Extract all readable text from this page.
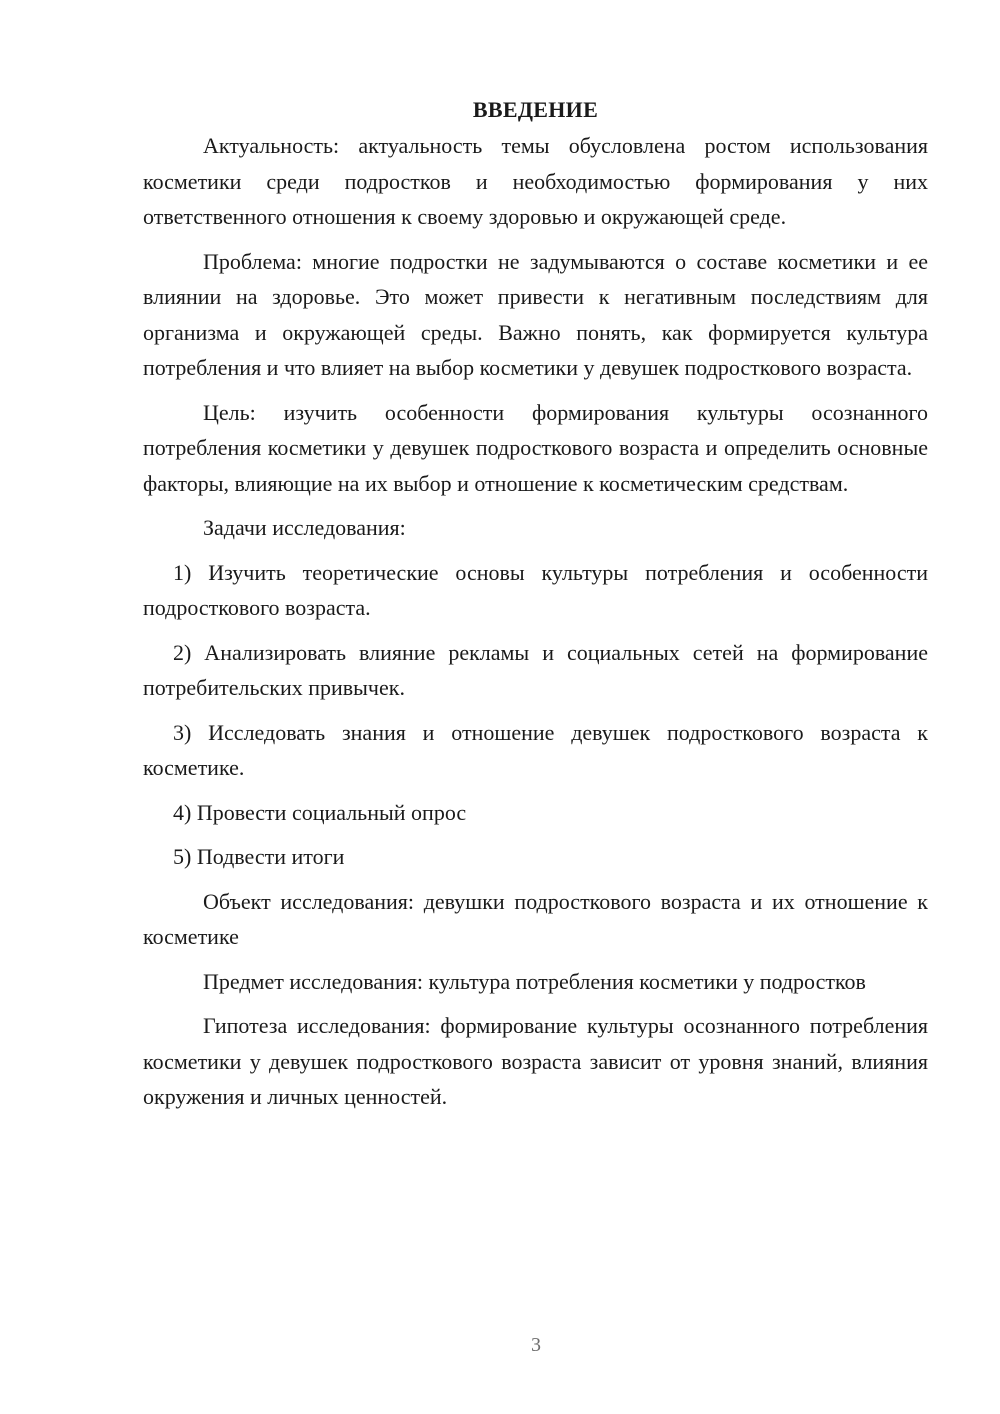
ВВЕДЕНИЕ

Актуальность: актуальность темы обусловлена ростом использования косметики среди подростков и необходимостью формирования у них ответственного отношения к своему здоровью и окружающей среде.

Проблема: многие подростки не задумываются о составе косметики и ее влиянии на здоровье. Это может привести к негативным последствиям для организма и окружающей среды. Важно понять, как формируется культура потребления и что влияет на выбор косметики у девушек подросткового возраста.

Цель: изучить особенности формирования культуры осознанного потребления косметики у девушек подросткового возраста и определить основные факторы, влияющие на их выбор и отношение к косметическим средствам.

Задачи исследования:

1) Изучить теоретические основы культуры потребления и особенности подросткового возраста.

2) Анализировать влияние рекламы и социальных сетей на формирование потребительских привычек.

3) Исследовать знания и отношение девушек подросткового возраста к косметике.

4) Провести социальный опрос

5) Подвести итоги

Объект исследования: девушки подросткового возраста и их отношение к косметике

Предмет исследования: культура потребления косметики у подростков

Гипотеза исследования: формирование культуры осознанного потребления косметики у девушек подросткового возраста зависит от уровня знаний, влияния окружения и личных ценностей.

3
